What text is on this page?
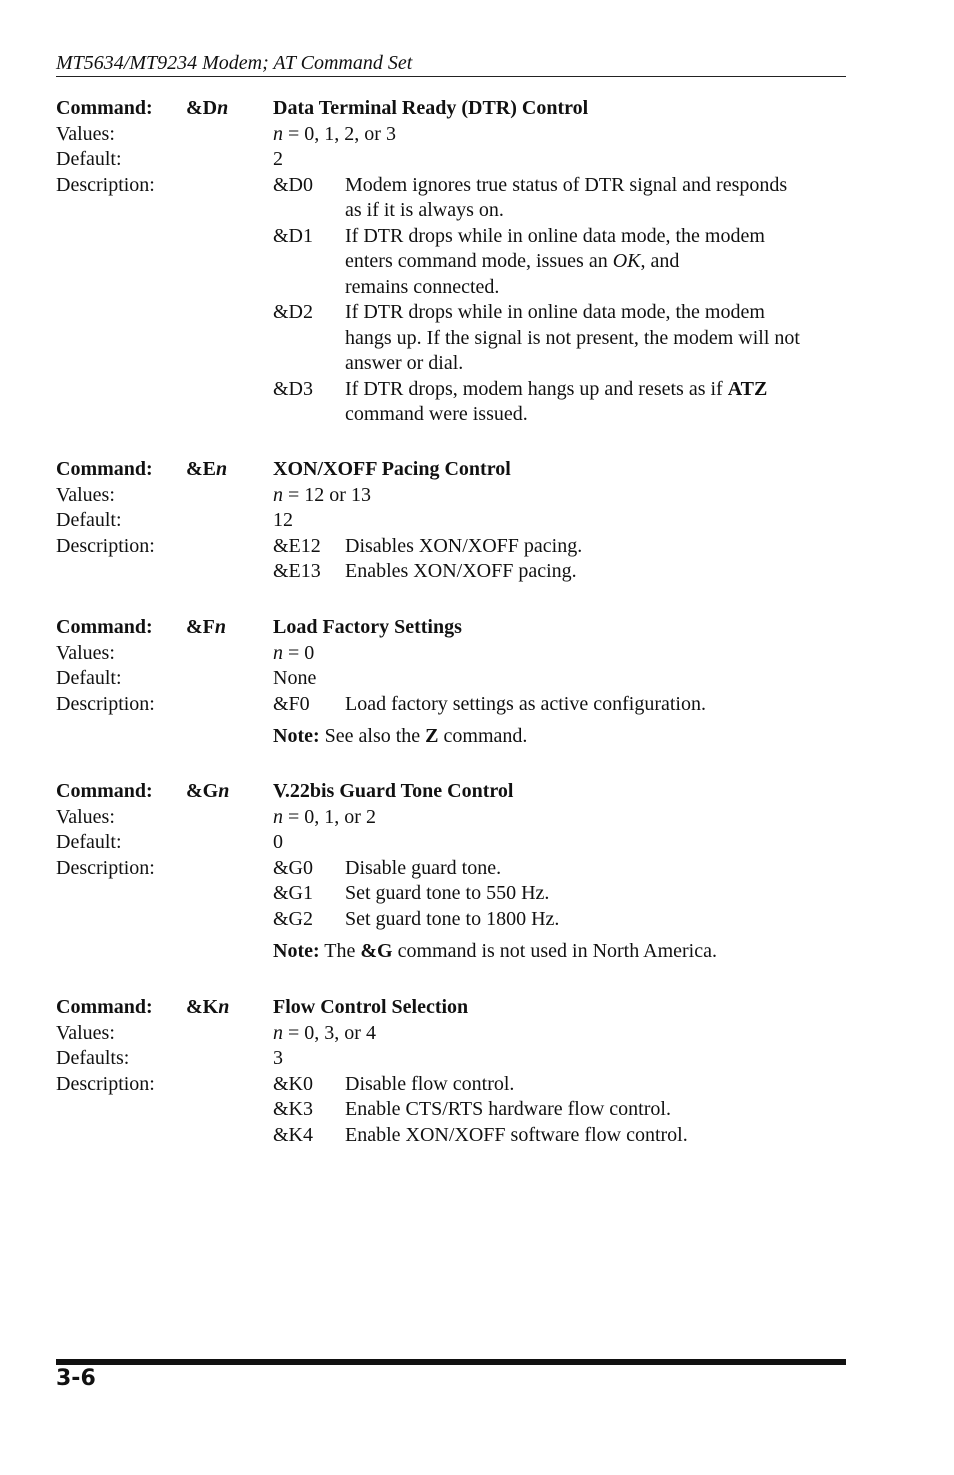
MT5634/MT9234 Modem; AT Command Set
Command: &Dn Data Terminal Ready (DTR) Control
Values:	n = 0, 1, 2, or 3
Default:	2
Description:	&D0 Modem ignores true status of DTR signal and responds
as if it is always on.
&D1 If DTR drops while in online data mode, the modem
enters command mode, issues an OK, and
remains connected.
&D2 If DTR drops while in online data mode, the modem
hangs up. If the signal is not present, the modem will not
answer or dial.
&D3 If DTR drops, modem hangs up and resets as if ATZ
command were issued.
Command: &En XON/XOFF Pacing Control
Values:	n = 12 or 13
Default:	12
Description:	&E12 Disables XON/XOFF pacing.
&E13 Enables XON/XOFF pacing.
Command: &Fn Load Factory Settings
Values:	n = 0
Default:	None
Description:	&F0 Load factory settings as active configuration.
Note: See also the Z command.
Command: &Gn V.22bis Guard Tone Control
Values:	n = 0, 1, or 2
Default:	0
Description:	&G0 Disable guard tone.
&G1 Set guard tone to 550 Hz.
&G2 Set guard tone to 1800 Hz.
Note: The &G command is not used in North America.
Command: &Kn Flow Control Selection
Values:	n = 0, 3, or 4
Defaults:	3
Description:	&K0 Disable flow control.
&K3 Enable CTS/RTS hardware flow control.
&K4 Enable XON/XOFF software flow control.
3-6
